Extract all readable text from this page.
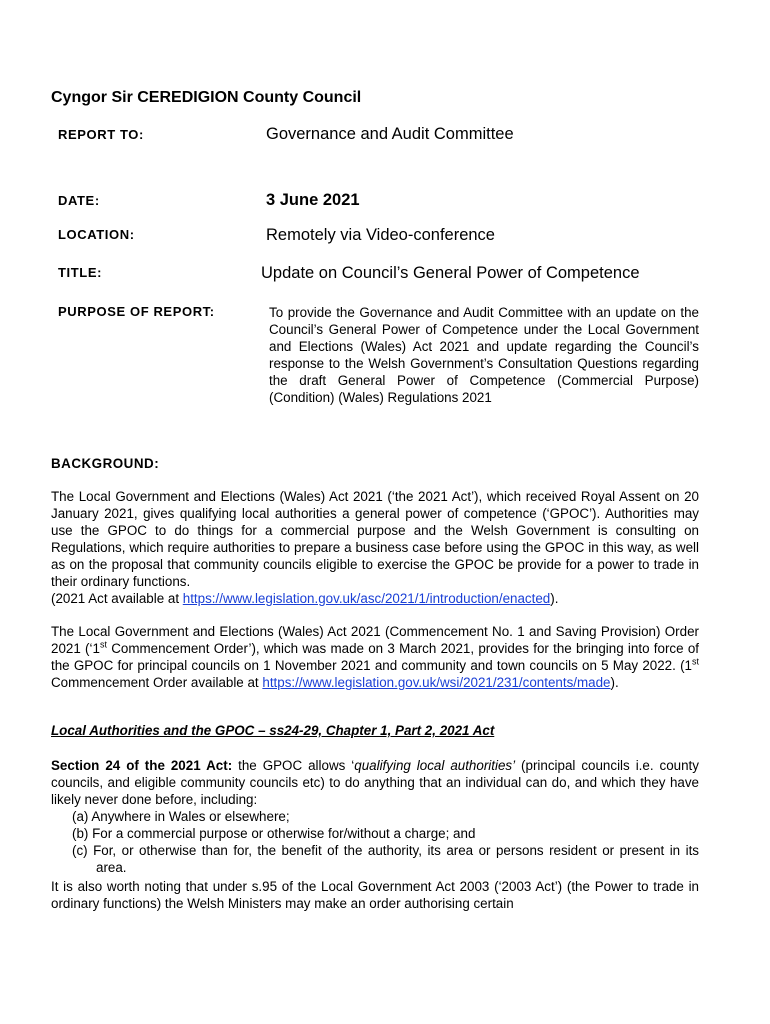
Cyngor Sir CEREDIGION County Council
REPORT TO:	Governance and Audit Committee
DATE:	3 June 2021
LOCATION:	Remotely via Video-conference
TITLE:	Update on Council’s General Power of Competence
PURPOSE OF REPORT:	To provide the Governance and Audit Committee with an update on the Council’s General Power of Competence under the Local Government and Elections (Wales) Act 2021 and update regarding the Council’s response to the Welsh Government’s Consultation Questions regarding the draft General Power of Competence (Commercial Purpose) (Condition) (Wales) Regulations 2021
BACKGROUND:

The Local Government and Elections (Wales) Act 2021 (‘the 2021 Act’), which received Royal Assent on 20 January 2021, gives qualifying local authorities a general power of competence (‘GPOC’). Authorities may use the GPOC to do things for a commercial purpose and the Welsh Government is consulting on Regulations, which require authorities to prepare a business case before using the GPOC in this way, as well as on the proposal that community councils eligible to exercise the GPOC be provide for a power to trade in their ordinary functions.

(2021 Act available at https://www.legislation.gov.uk/asc/2021/1/introduction/enacted).

The Local Government and Elections (Wales) Act 2021 (Commencement No. 1 and Saving Provision) Order 2021 (‘1st Commencement Order’), which was made on 3 March 2021, provides for the bringing into force of the GPOC for principal councils on 1 November 2021 and community and town councils on 5 May 2022. (1st Commencement Order available at https://www.legislation.gov.uk/wsi/2021/231/contents/made).

Local Authorities and the GPOC – ss24-29, Chapter 1, Part 2, 2021 Act

Section 24 of the 2021 Act: the GPOC allows ‘qualifying local authorities’ (principal councils i.e. county councils, and eligible community councils etc) to do anything that an individual can do, and which they have likely never done before, including:

(a) Anywhere in Wales or elsewhere;
(b) For a commercial purpose or otherwise for/without a charge; and
(c) For, or otherwise than for, the benefit of the authority, its area or persons resident or present in its area.
It is also worth noting that under s.95 of the Local Government Act 2003 (‘2003 Act’) (the Power to trade in ordinary functions) the Welsh Ministers may make an order authorising certain
